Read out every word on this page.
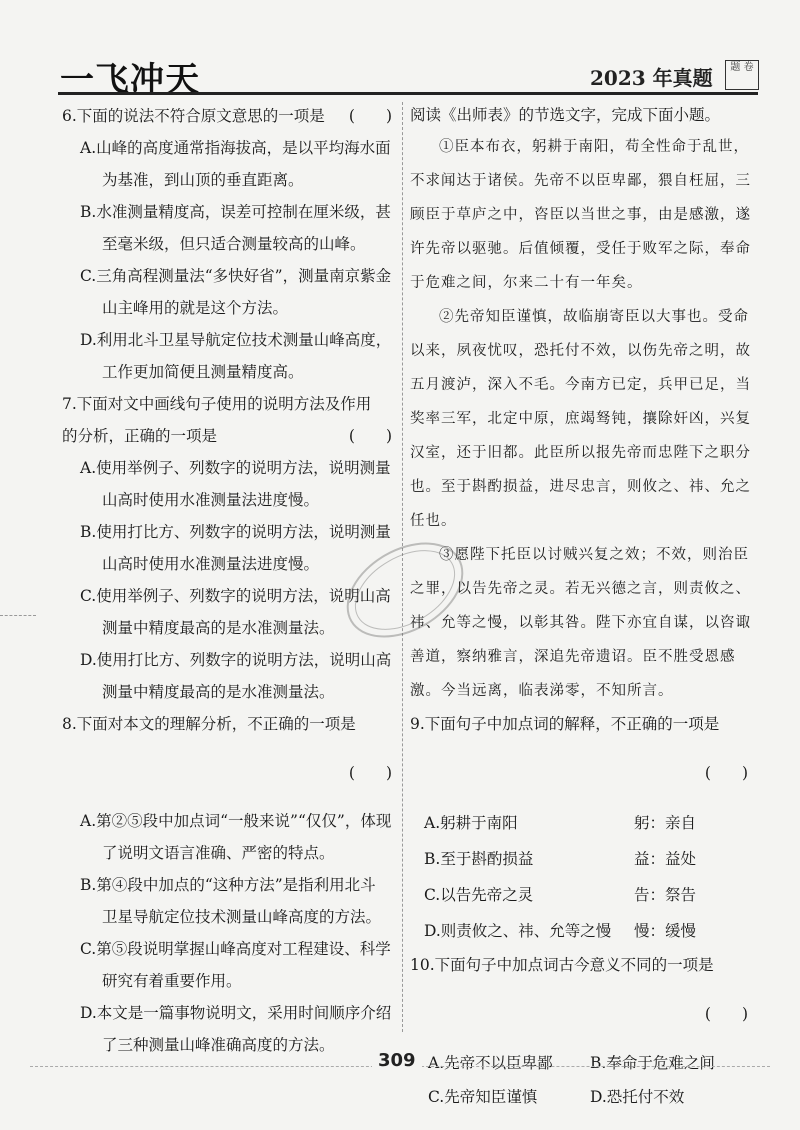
一飞冲天	2023 年真题	题 卷

6.下面的说法不符合原文意思的一项是 (　　)

A.山峰的高度通常指海拔高，是以平均海水面
为基准，到山顶的垂直距离。

B.水准测量精度高，误差可控制在厘米级，甚
至毫米级，但只适合测量较高的山峰。

C.三角高程测量法“多快好省”，测量南京紫金
山主峰用的就是这个方法。

D.利用北斗卫星导航定位技术测量山峰高度，
工作更加简便且测量精度高。

7.下面对文中画线句子使用的说明方法及作用

的分析，正确的一项是	(　　)

A.使用举例子、列数字的说明方法，说明测量
山高时使用水准测量法进度慢。

B.使用打比方、列数字的说明方法，说明测量
山高时使用水准测量法进度慢。

C.使用举例子、列数字的说明方法，说明山高
测量中精度最高的是水准测量法。

D.使用打比方、列数字的说明方法，说明山高
测量中精度最高的是水准测量法。

8.下面对本文的理解分析，不正确的一项是

(　　)

A.第②⑤段中加点词“一般来说”“仅仅”，体现
了说明文语言准确、严密的特点。

B.第④段中加点的“这种方法”是指利用北斗
卫星导航定位技术测量山峰高度的方法。

C.第⑤段说明掌握山峰高度对工程建设、科学
研究有着重要作用。

D.本文是一篇事物说明文，采用时间顺序介绍
了三种测量山峰准确高度的方法。

阅读《出师表》的节选文字，完成下面小题。

①臣本布衣，躬耕于南阳，苟全性命于乱世，不求闻达于诸侯。先帝不以臣卑鄙，猥自枉屈，三顾臣于草庐之中，咨臣以当世之事，由是感激，遂许先帝以驱驰。后值倾覆，受任于败军之际，奉命于危难之间，尔来二十有一年矣。

②先帝知臣谨慎，故临崩寄臣以大事也。受命以来，夙夜忧叹，恐托付不效，以伤先帝之明，故五月渡泸，深入不毛。今南方已定，兵甲已足，当奖率三军，北定中原，庶竭驽钝，攘除奸凶，兴复汉室，还于旧都。此臣所以报先帝而忠陛下之职分也。至于斟酌损益，进尽忠言，则攸之、祎、允之任也。

③愿陛下托臣以讨贼兴复之效；不效，则治臣之罪，以告先帝之灵。若无兴德之言，则责攸之、祎、允等之慢，以彰其咎。陛下亦宜自谋，以咨诹善道，察纳雅言，深追先帝遗诏。臣不胜受恩感激。今当远离，临表涕零，不知所言。

9.下面句子中加点词的解释，不正确的一项是

(　　)

A.躬耕于南阳	躬：亲自
B.至于斟酌损益	益：益处
C.以告先帝之灵	告：祭告
D.则责攸之、祎、允等之慢	慢：缓慢

10.下面句子中加点词古今意义不同的一项是

(　　)

A.先帝不以臣卑鄙	B.奉命于危难之间
C.先帝知臣谨慎	D.恐托付不效
309
